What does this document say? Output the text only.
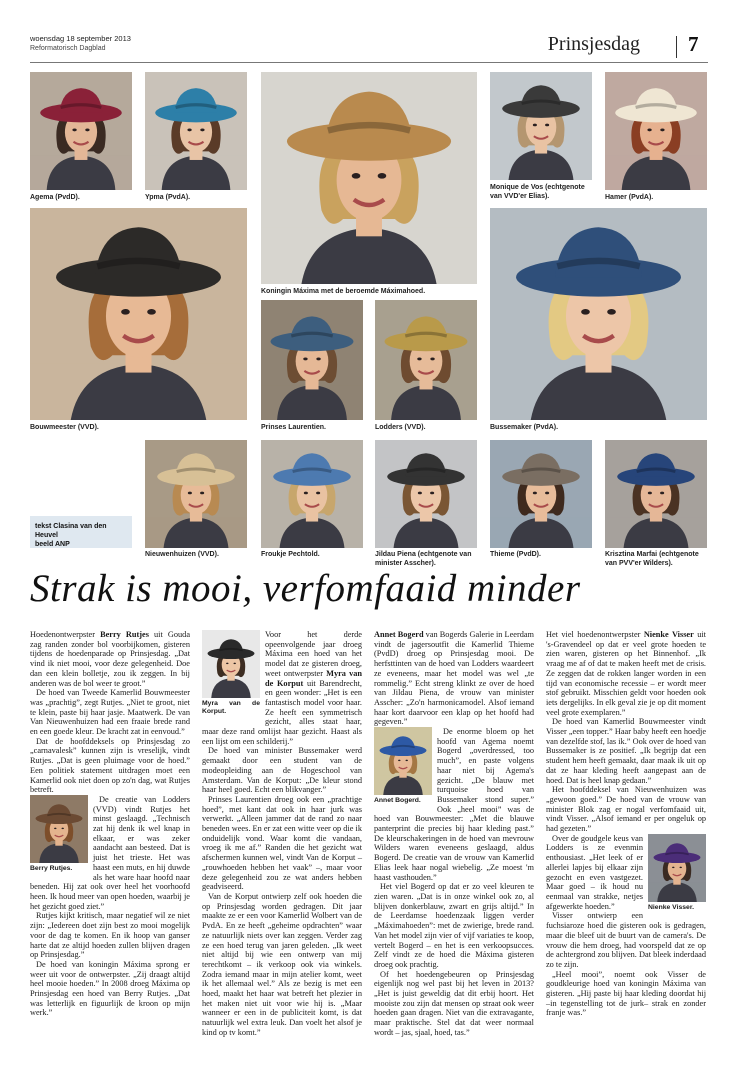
woensdag 18 september 2013
Reformatorisch Dagblad	Prinsjesdag 7
Agema (PvdD).	Ypma (PvdA).
Koningin Máxima met de beroemde Máximahoed.
Monique de Vos (echtgenote van VVD'er Elias).	Hamer (PvdA).
Bouwmeester (VVD).	Prinses Laurentien.	Lodders (VVD).	Bussemaker (PvdA).
tekst Clasina van den Heuvel
beeld ANP
Nieuwenhuizen (VVD).	Froukje Pechtold.	Jildau Piena (echtgenote van minister Asscher).
Thieme (PvdD).	Krisztina Marfai (echtgenote van PVV'er Wilders).
Strak is mooi, verfomfaaid minder

Hoedenontwerpster Berry Rutjes uit Gouda zag randen zonder bol voorbijkomen, gisteren tijdens de hoedenparade op Prinsjesdag. „Dat vind ik niet mooi, voor deze gelegenheid. Doe dan een klein bolletje, zou ik zeggen. In bij anderen was de bol weer te groot.”

De hoed van Tweede Kamerlid Bouwmeester was „prachtig”, zegt Rutjes. „Niet te groot, niet te klein, paste bij haar jasje. Maatwerk. De van Van Nieuwenhuizen had een fraaie brede rand en een goede kleur. De kracht zat in eenvoud.”

Dat de hoofddeksels op Prinsjesdag zo „carnavalesk” kunnen zijn is vreselijk, vindt Rutjes. „Dat is geen pluimage voor de hoed.” Een politiek statement uitdragen moet een Kamerlid ook niet doen op zo'n dag, wat Rutjes betreft.

Berry Rutjes.

De creatie van Lodders (VVD) vindt Rutjes het minst geslaagd. „Technisch zat hij denk ik wel knap in elkaar, er was zeker aandacht aan besteed. Dat is juist het trieste. Het was haast een muts, en hij duwde als het ware haar hoofd naar beneden. Hij zat ook over heel het voorhoofd heen. Ik houd meer van open hoeden, waarbij je het gezicht goed ziet.”

Rutjes kijkt kritisch, maar negatief wil ze niet zijn: „Iedereen doet zijn best zo mooi mogelijk voor de dag te komen. En ik hoop van ganser harte dat ze altijd hoeden zullen blijven dragen op Prinsjesdag.”

De hoed van koningin Máxima sprong er weer uit voor de ontwerpster. „Zij draagt altijd heel mooie hoeden.” In 2008 droeg Máxima op Prinsjesdag een hoed van Berry Rutjes. „Dat was letterlijk en figuurlijk de kroon op mijn werk.”

Myra van de Korput.

Voor het derde opeenvolgende jaar droeg Máxima een hoed van het model dat ze gisteren droeg, weet ontwerpster Myra van de Korput uit Barendrecht, en geen wonder: „Het is een fantastisch model voor haar. Ze heeft een symmetrisch gezicht, alles staat haar, maar deze rand omlijst haar gezicht. Haast als een lijst om een schilderij.”

De hoed van minister Bussemaker werd gemaakt door een student van de modeopleiding aan de Hogeschool van Amsterdam. Van de Korput: „De kleur stond haar heel goed. Echt een blikvanger.”

Prinses Laurentien droeg ook een „prachtige hoed”, met kant dat ook in haar jurk was verwerkt. „Alleen jammer dat de rand zo naar beneden wees. En er zat een witte veer op die ik onduidelijk vond. Waar komt die vandaan, vroeg ik me af.” Randen die het gezicht wat afschermen kunnen wel, vindt Van de Korput – „rouwhoeden hebben het vaak” –, maar voor deze gelegenheid zou ze wat anders hebben geadviseerd.

Van de Korput ontwierp zelf ook hoeden die op Prinsjesdag worden gedragen. Dit jaar maakte ze er een voor Kamerlid Wolbert van de PvdA. En ze heeft „geheime opdrachten” waar ze natuurlijk niets over kan zeggen. Verder zag ze een hoed terug van jaren geleden. „Ik weet niet altijd bij wie een ontwerp van mij terechtkomt – ik verkoop ook via winkels. Zodra iemand maar in mijn atelier komt, weet ik het allemaal wel.” Als ze bezig is met een hoed, maakt het haar wat betreft het plezier in het maken niet uit voor wie hij is. „Maar wanneer er een in de publiciteit komt, is dat natuurlijk wel extra leuk. Dan voelt het alsof je kind op tv komt.”

Annet Bogerd van Bogerds Galerie in Leerdam vindt de jagersoutfit die Kamerlid Thieme (PvdD) droeg op Prinsjesdag mooi. De herfsttinten van de hoed van Lodders waardeert ze eveneens, maar het model was wel „te rommelig.” Echt streng klinkt ze over de hoed van Jildau Piena, de vrouw van minister Asscher: „Zo'n harmonicamodel. Alsof iemand haar kort daarvoor een klap op het hoofd had gegeven.”

Annet Bogerd.

De enorme bloem op het hoofd van Agema noemt Bogerd „overdressed, too much”, en paste volgens haar niet bij Agema's gezicht. „De blauw met turquoise hoed van Bussemaker stond super.” Ook „heel mooi” was de hoed van Bouwmeester: „Met die blauwe panterprint die precies bij haar kleding past.” De kleurschakeringen in de hoed van mevrouw Wilders waren eveneens geslaagd, aldus Bogerd. De creatie van de vrouw van Kamerlid Elias leek haar nogal wiebelig. „Ze moest 'm haast vasthouden.”

Het viel Bogerd op dat er zo veel kleuren te zien waren. „Dat is in onze winkel ook zo, al blijven donkerblauw, zwart en grijs altijd.” In de Leerdamse hoedenzaak liggen verder „Máximahoeden”: met de zwierige, brede rand. Van het model zijn vier of vijf variaties te koop, vertelt Bogerd – en het is een verkoopsucces. Zelf vindt ze de hoed die Máxima gisteren droeg ook prachtig.

Of het hoedengebeuren op Prinsjesdag eigenlijk nog wel past bij het leven in 2013? „Het is juist geweldig dat dit erbij hoort. Het mooiste zou zijn dat mensen op straat ook weer hoeden gaan dragen. Niet van die extravagante, maar praktische. Stel dat dat weer normaal wordt – jas, sjaal, hoed, tas.”

Het viel hoedenontwerpster Nienke Visser uit 's-Gravendeel op dat er veel grote hoeden te zien waren, gisteren op het Binnenhof. „Ik vraag me af of dat te maken heeft met de crisis. Ze zeggen dat de rokken langer worden in een tijd van economische recessie – er wordt meer stof gebruikt. Misschien geldt voor hoeden ook iets dergelijks. In elk geval zie je op dit moment veel grote exemplaren.”

De hoed van Kamerlid Bouwmeester vindt Visser „een topper.” Haar baby heeft een hoedje van dezelfde stof, las ik.” Ook over de hoed van Bussemaker is ze positief. „Ik begrijp dat een student hem heeft gemaakt, daar maak ik uit op dat ze haar kleding heeft aangepast aan de hoed. Dat is heel knap gedaan.”

Het hoofddeksel van Nieuwenhuizen was „gewoon goed.” De hoed van de vrouw van minister Blok zag er nogal verfomfaaid uit, vindt Visser. „Alsof iemand er per ongeluk op had gezeten.”

Nienke Visser.

Over de goudgele keus van Lodders is ze evenmin enthousiast. „Het leek of er allerlei lapjes bij elkaar zijn gezocht en even vastgezet. Maar goed – ik houd nu eenmaal van strakke, netjes afgewerkte hoeden.”

Visser ontwierp een fuchsiaroze hoed die gisteren ook is gedragen, maar die bleef uit de buurt van de camera's. De vrouw die hem droeg, had voorspeld dat ze op de achtergrond zou blijven. Dat bleek inderdaad zo te zijn.

„Heel mooi”, noemt ook Visser de goudkleurige hoed van koningin Máxima van gisteren. „Hij paste bij haar kleding doordat hij –in tegenstelling tot de jurk– strak en zonder franje was.”
